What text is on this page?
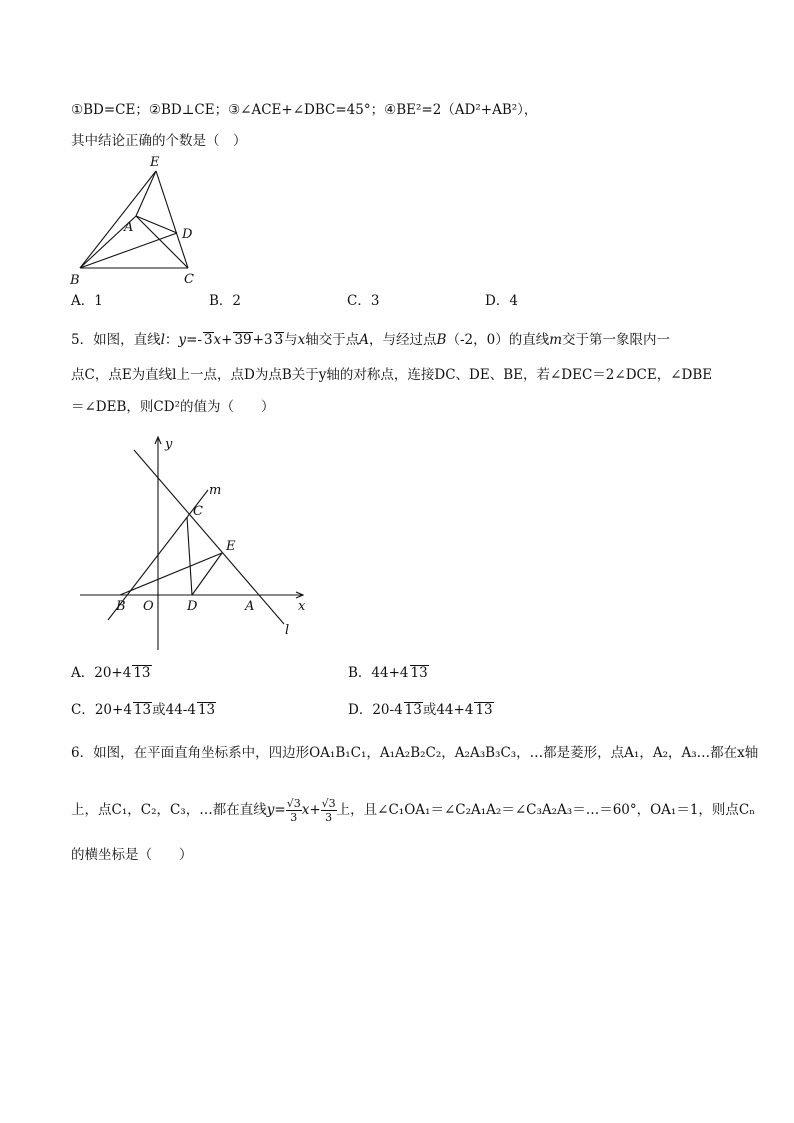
①BD=CE；②BD⊥CE；③∠ACE+∠DBC=45°；④BE²=2（AD²+AB²），
其中结论正确的个数是（　）
E
A	D
B	C
A．1	B．2	C．3	D．4
5．如图，直线l：y=- 3x+ 39+3 3与x轴交于点A，与经过点B（-2，0）的直线m交于第一象限内一
点C，点E为直线l上一点，点D为点B关于y轴的对称点，连接DC、DE、BE，若∠DEC＝2∠DCE，∠DBE
＝∠DEB，则CD²的值为（　　）
y
m
C
E
B O	D	A	x
l
A．20+4 13	B．44+4 13
C．20+4 13或44-4 13	D．20-4 13或44+4 13
6．如图，在平面直角坐标系中，四边形OA₁B₁C₁，A₁A₂B₂C₂，A₂A₃B₃C₃，…都是菱形，点A₁，A₂，A₃…都在x轴
上，点C₁，C₂，C₃，…都在直线$y= \frac{√3}{3} x+ \frac{√3}{3}$ 上，且∠C₁OA₁＝∠C₂A₁A₂＝∠C₃A₂A₃＝…＝60°，OA₁＝1，则点Cₙ
的横坐标是（　　）
